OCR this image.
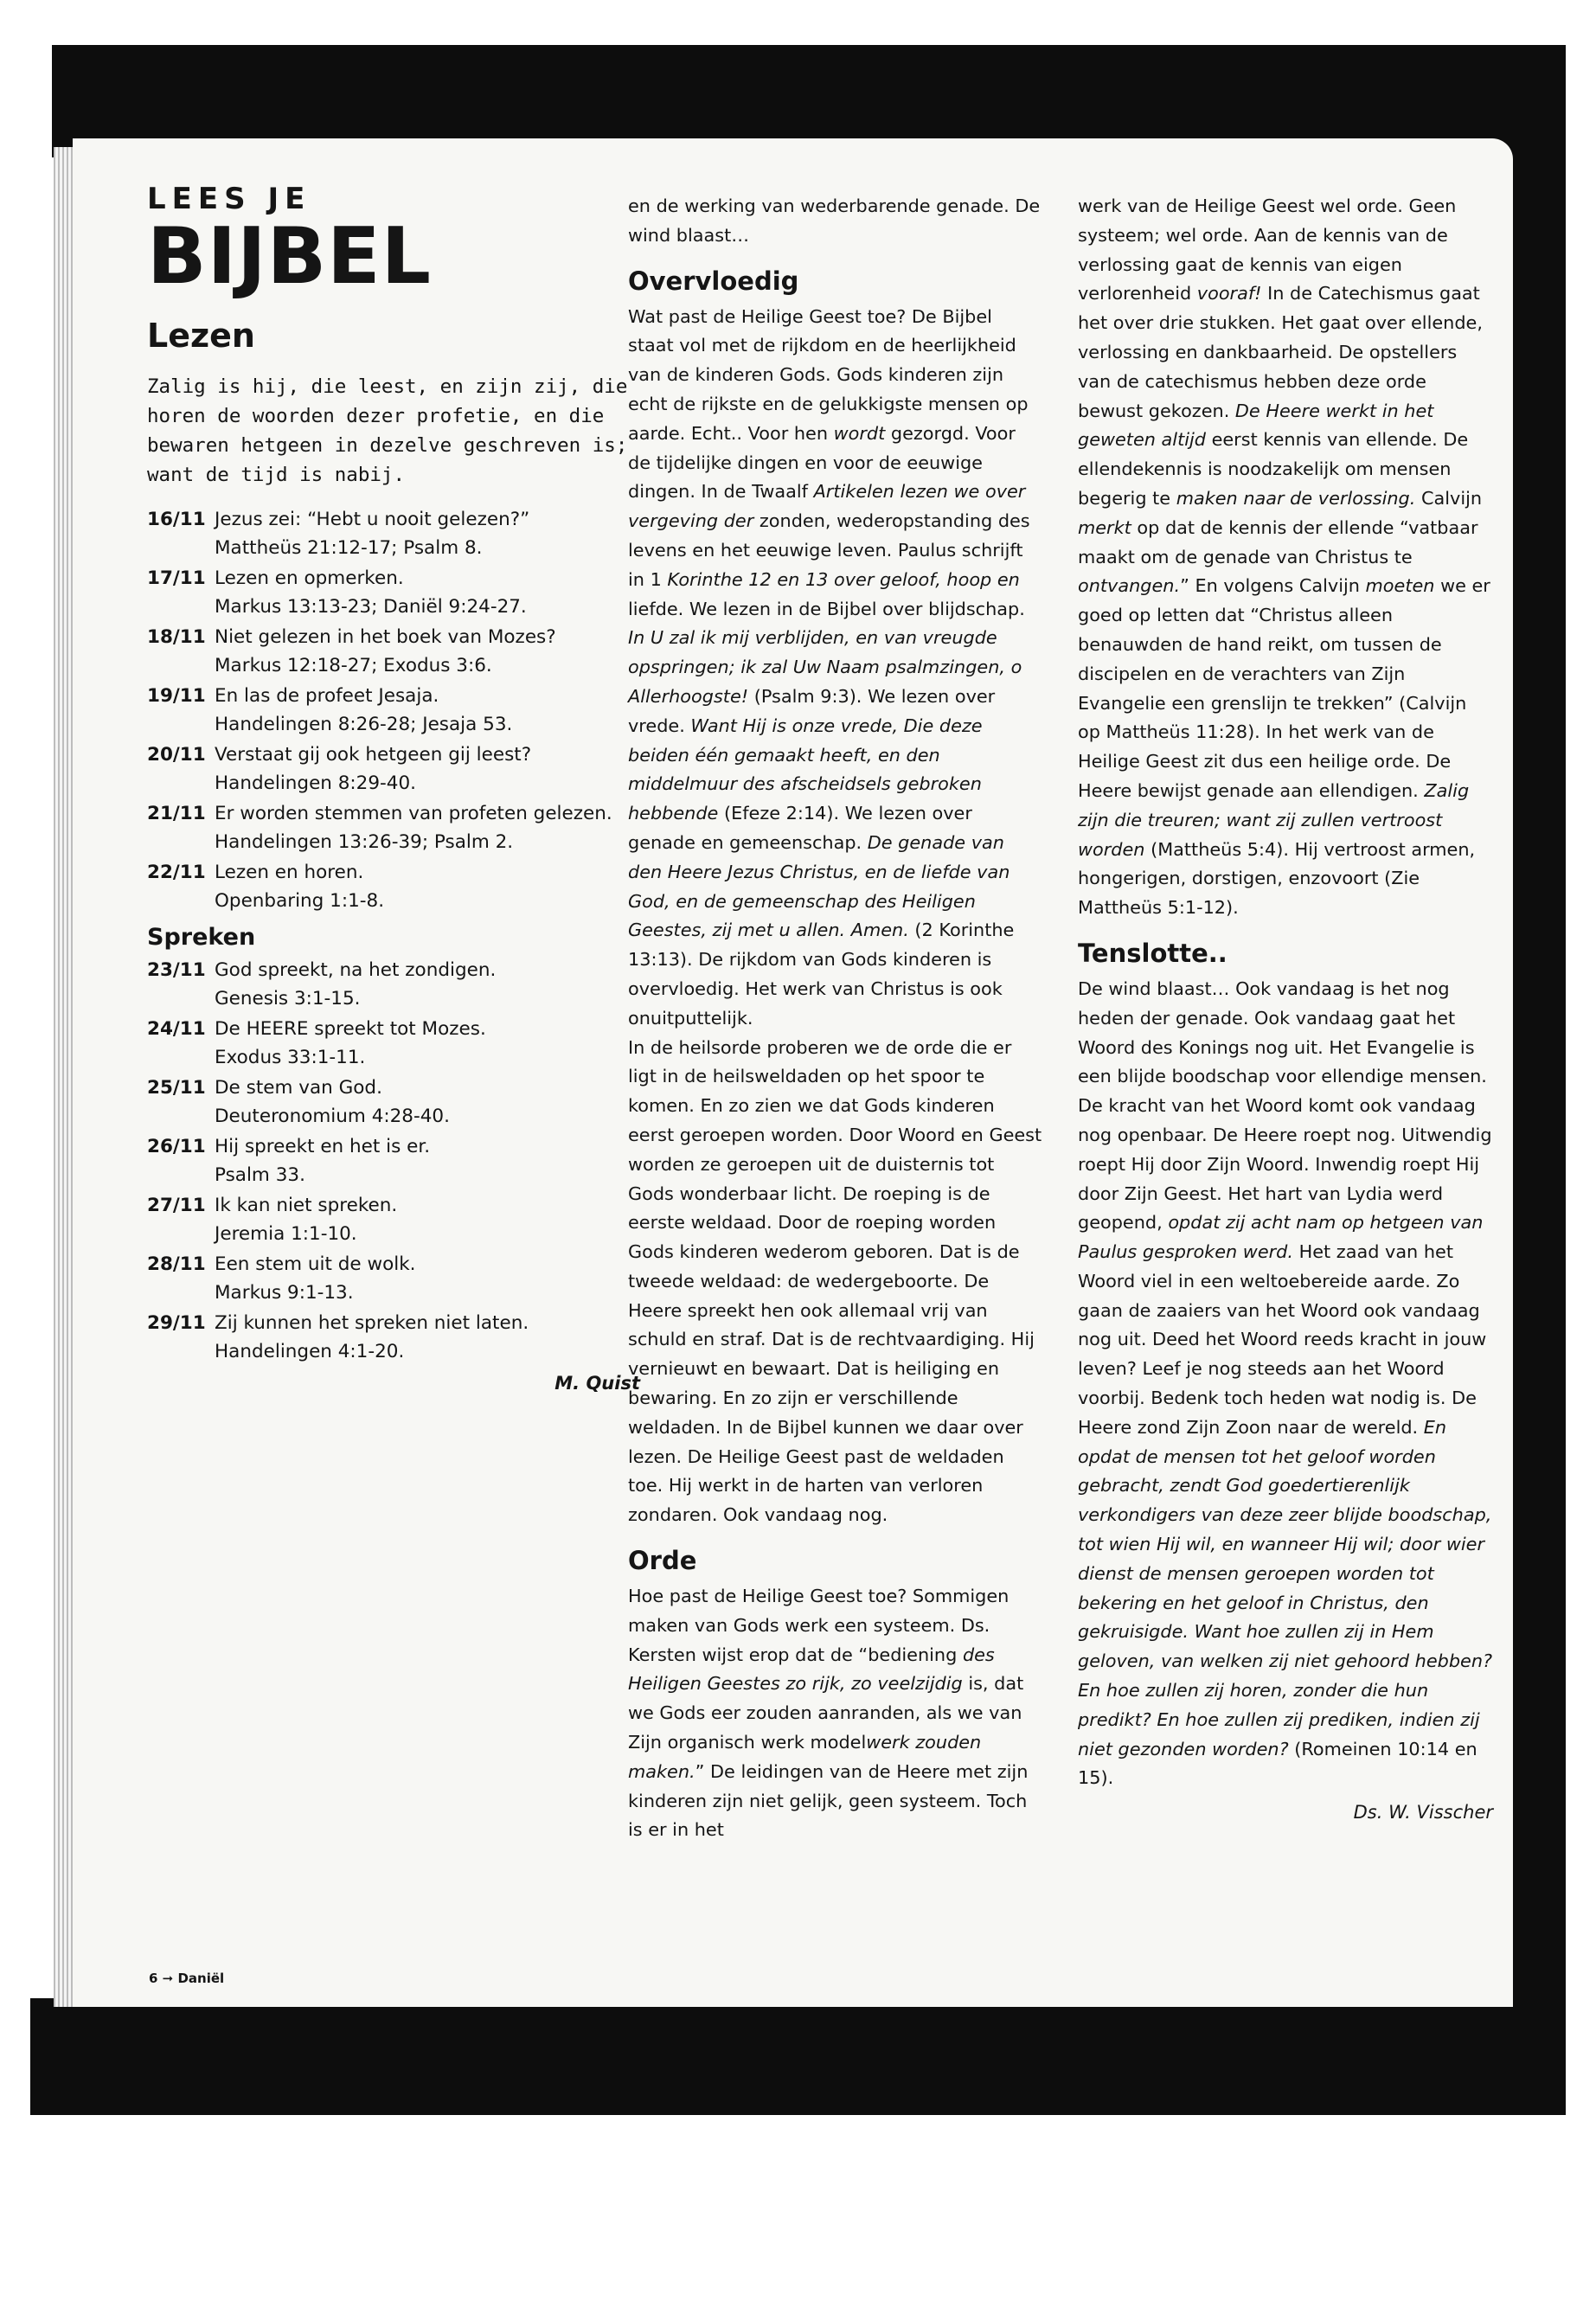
LEES JE
BIJBEL
Lezen
Zalig is hij, die leest, en zijn zij, die horen de woorden dezer profetie, en die bewaren hetgeen in dezelve geschreven is; want de tijd is nabij.
16/11 Jezus zei: “Hebt u nooit gelezen?”
Mattheüs 21:12-17; Psalm 8.
17/11 Lezen en opmerken.
Markus 13:13-23; Daniël 9:24-27.
18/11 Niet gelezen in het boek van Mozes?
Markus 12:18-27; Exodus 3:6.
19/11 En las de profeet Jesaja.
Handelingen 8:26-28; Jesaja 53.
20/11 Verstaat gij ook hetgeen gij leest?
Handelingen 8:29-40.
21/11 Er worden stemmen van profeten gelezen.
Handelingen 13:26-39; Psalm 2.
22/11 Lezen en horen.
Openbaring 1:1-8.
Spreken
23/11 God spreekt, na het zondigen.
Genesis 3:1-15.
24/11 De HEERE spreekt tot Mozes.
Exodus 33:1-11.
25/11 De stem van God.
Deuteronomium 4:28-40.
26/11 Hij spreekt en het is er.
Psalm 33.
27/11 Ik kan niet spreken.
Jeremia 1:1-10.
28/11 Een stem uit de wolk.
Markus 9:1-13.
29/11 Zij kunnen het spreken niet laten.
Handelingen 4:1-20.
M. Quist
6 ➞ Daniël

en de werking van wederbarende genade. De wind blaast…

Overvloedig

Wat past de Heilige Geest toe? De Bijbel staat vol met de rijkdom en de heerlijkheid van de kinderen Gods. Gods kinderen zijn echt de rijkste en de gelukkigste mensen op aarde. Echt.. Voor hen wordt gezorgd. Voor de tijdelijke dingen en voor de eeuwige dingen. In de Twaalf Artikelen lezen we over vergeving der zonden, wederopstanding des levens en het eeuwige leven. Paulus schrijft in 1 Korinthe 12 en 13 over geloof, hoop en liefde. We lezen in de Bijbel over blijdschap. In U zal ik mij verblijden, en van vreugde opspringen; ik zal Uw Naam psalmzingen, o Allerhoogste! (Psalm 9:3). We lezen over vrede. Want Hij is onze vrede, Die deze beiden één gemaakt heeft, en den middelmuur des afscheidsels gebroken hebbende (Efeze 2:14). We lezen over genade en gemeenschap. De genade van den Heere Jezus Christus, en de liefde van God, en de gemeenschap des Heiligen Geestes, zij met u allen. Amen. (2 Korinthe 13:13). De rijkdom van Gods kinderen is overvloedig. Het werk van Christus is ook onuitputtelijk.

In de heilsorde proberen we de orde die er ligt in de heilsweldaden op het spoor te komen. En zo zien we dat Gods kinderen eerst geroepen worden. Door Woord en Geest worden ze geroepen uit de duisternis tot Gods wonderbaar licht. De roeping is de eerste weldaad. Door de roeping worden Gods kinderen wederom geboren. Dat is de tweede weldaad: de wedergeboorte. De Heere spreekt hen ook allemaal vrij van schuld en straf. Dat is de rechtvaardiging. Hij vernieuwt en bewaart. Dat is heiliging en bewaring. En zo zijn er verschillende weldaden. In de Bijbel kunnen we daar over lezen. De Heilige Geest past de weldaden toe. Hij werkt in de harten van verloren zondaren. Ook vandaag nog.

Orde

Hoe past de Heilige Geest toe? Sommigen maken van Gods werk een systeem. Ds. Kersten wijst erop dat de “bediening des Heiligen Geestes zo rijk, zo veelzijdig is, dat we Gods eer zouden aanranden, als we van Zijn organisch werk modelwerk zouden maken.” De leidingen van de Heere met zijn kinderen zijn niet gelijk, geen systeem. Toch is er in het

werk van de Heilige Geest wel orde. Geen systeem; wel orde. Aan de kennis van de verlossing gaat de kennis van eigen verlorenheid vooraf! In de Catechismus gaat het over drie stukken. Het gaat over ellende, verlossing en dankbaarheid. De opstellers van de catechismus hebben deze orde bewust gekozen. De Heere werkt in het geweten altijd eerst kennis van ellende. De ellendekennis is noodzakelijk om mensen begerig te maken naar de verlossing. Calvijn merkt op dat de kennis der ellende “vatbaar maakt om de genade van Christus te ontvangen.” En volgens Calvijn moeten we er goed op letten dat “Christus alleen benauwden de hand reikt, om tussen de discipelen en de verachters van Zijn Evangelie een grenslijn te trekken” (Calvijn op Mattheüs 11:28). In het werk van de Heilige Geest zit dus een heilige orde. De Heere bewijst genade aan ellendigen. Zalig zijn die treuren; want zij zullen vertroost worden (Mattheüs 5:4). Hij vertroost armen, hongerigen, dorstigen, enzovoort (Zie Mattheüs 5:1-12).

Tenslotte..

De wind blaast… Ook vandaag is het nog heden der genade. Ook vandaag gaat het Woord des Konings nog uit. Het Evangelie is een blijde boodschap voor ellendige mensen. De kracht van het Woord komt ook vandaag nog openbaar. De Heere roept nog. Uitwendig roept Hij door Zijn Woord. Inwendig roept Hij door Zijn Geest. Het hart van Lydia werd geopend, opdat zij acht nam op hetgeen van Paulus gesproken werd. Het zaad van het Woord viel in een weltoebereide aarde. Zo gaan de zaaiers van het Woord ook vandaag nog uit. Deed het Woord reeds kracht in jouw leven? Leef je nog steeds aan het Woord voorbij. Bedenk toch heden wat nodig is. De Heere zond Zijn Zoon naar de wereld. En opdat de mensen tot het geloof worden gebracht, zendt God goedertierenlijk verkondigers van deze zeer blijde boodschap, tot wien Hij wil, en wanneer Hij wil; door wier dienst de mensen geroepen worden tot bekering en het geloof in Christus, den gekruisigde. Want hoe zullen zij in Hem geloven, van welken zij niet gehoord hebben? En hoe zullen zij horen, zonder die hun predikt? En hoe zullen zij prediken, indien zij niet gezonden worden? (Romeinen 10:14 en 15).

Ds. W. Visscher
